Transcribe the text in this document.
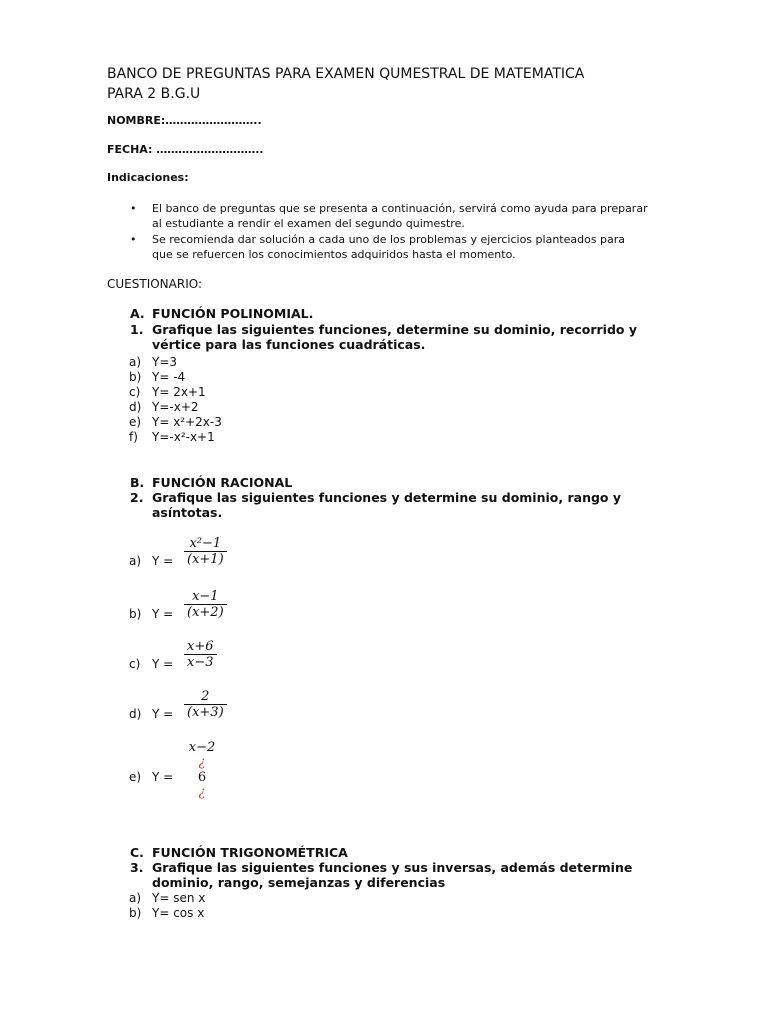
BANCO DE PREGUNTAS PARA EXAMEN QUMESTRAL DE MATEMATICA
PARA 2 B.G.U
NOMBRE:……………………..
FECHA: ………………………..
Indicaciones:
• El banco de preguntas que se presenta a continuación, servirá como ayuda para preparar
al estudiante a rendir el examen del segundo quimestre.
• Se recomienda dar solución a cada uno de los problemas y ejercicios planteados para
que se refuercen los conocimientos adquiridos hasta el momento.
CUESTIONARIO:
A. FUNCIÓN POLINOMIAL.
1. Grafique las siguientes funciones, determine su dominio, recorrido y
vértice para las funciones cuadráticas.
a) Y=3
b) Y= -4
c) Y= 2x+1
d) Y=-x+2
e) Y= x²+2x-3
f) Y=-x²-x+1
B. FUNCIÓN RACIONAL
2. Grafique las siguientes funciones y determine su dominio, rango y
asíntotas.
a) $Y = \frac{\text{x²−1}}{(x+1)}$
b) $Y = \frac{x-1}{(x+2)}$
c) $Y = \frac{x+6}{x-3}$
d) $Y = \frac{2}{(x+3)}$
e) Y =
x−2
¿
6
¿
C. FUNCIÓN TRIGONOMÉTRICA
3. Grafique las siguientes funciones y sus inversas, además determine
dominio, rango, semejanzas y diferencias
a) Y= sen x
b) Y= cos x
